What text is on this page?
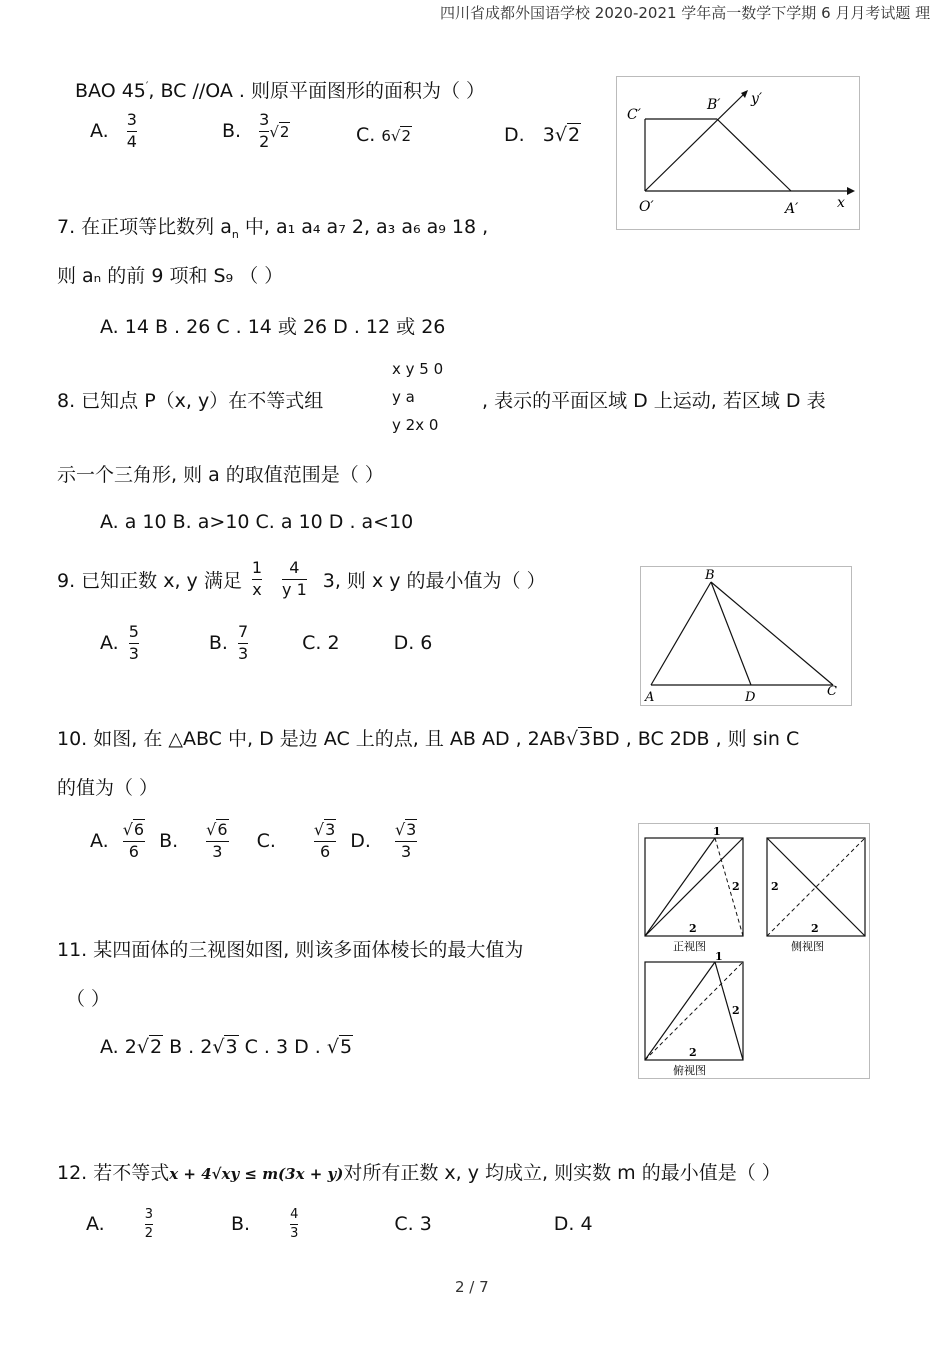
四川省成都外国语学校 2020-2021 学年高一数学下学期 6 月月考试题 理
BAO 45′, BC //OA . 则原平面图形的面积为（ ）
A. $\frac{3}{4}$	B. $\frac{3}{2} √2$	C. 6√2	D. 3√2
C′
B′ y′
O′	A′	x
7. 在正项等比数列 $a_n$ 中, a₁ a₄ a₇ 2, a₃ a₆ a₉ 18 ,
则 aₙ 的前 9 项和 S₉ （ ）
A. 14 B . 26 C . 14 或 26 D . 12 或 26
x y 5 0
8. 已知点 P（x, y）在不等式组	y a	, 表示的平面区域 D 上运动, 若区域 D 表
y 2x 0
示一个三角形, 则 a 的取值范围是（ ）
A. a 10 B. a>10 C. a 10 D . a<10
9. 已知正数 x, y 满足 $\frac{1}{x} \frac{4}{y 1} 3$, 则 x y 的最小值为（ ）
A. $\frac{5}{3}$	B. $\frac{7}{3}$	C. 2	D. 6
B
A	D	C
10. 如图, 在 △ABC 中, D 是边 AC 上的点, 且 AB AD , 2AB√3BD , BC 2DB , 则 sin C
的值为（ ）
A. $\frac{√6}{6} B$. $\frac{√6}{3} C$. $\frac{√3}{6} D$. $\frac{√3}{3}$
11. 某四面体的三视图如图, 则该多面体棱长的最大值为
（ ）
A. 2√2 B . 2√3 C . 3 D . √5
1
2
2
正视图
2
2
侧视图
1
2
2
俯视图
12. 若不等式x + 4√xy ≤ m(3x + y)对所有正数 x, y 均成立, 则实数 m 的最小值是（ ）
A.	$\frac{3}{2}$	B.	$\frac{4}{3}$	C. 3	D. 4
2 / 7
